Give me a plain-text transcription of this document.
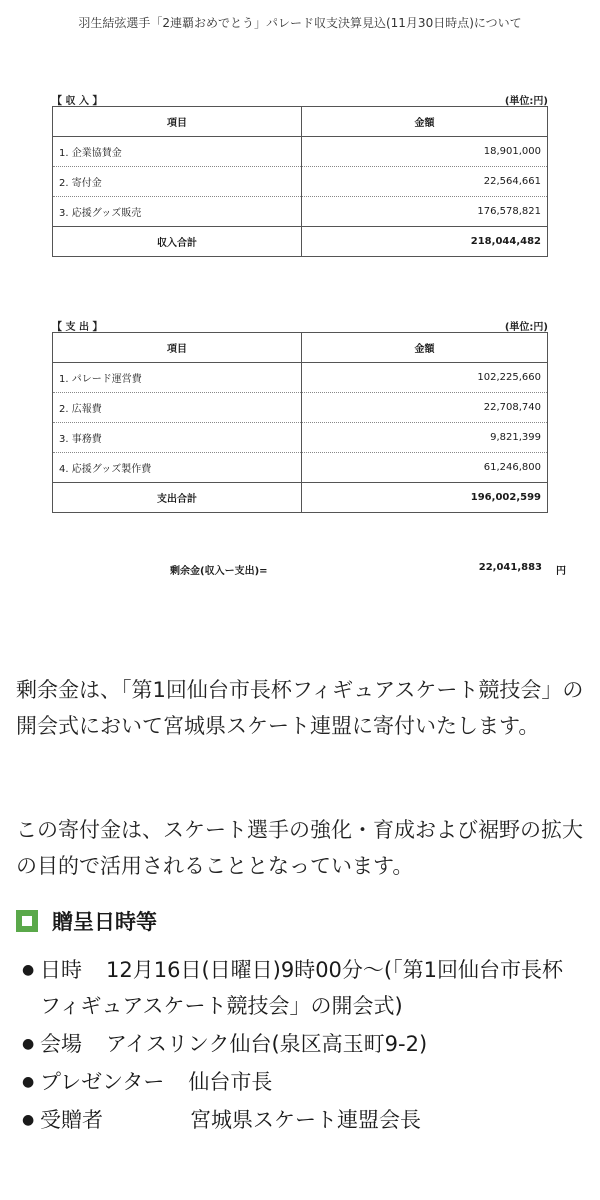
羽生結弦選手「2連覇おめでとう」パレード収支決算見込(11月30日時点)について
【 収 入 】	(単位:円)
項目	金額
1. 企業協賛金	18,901,000
2. 寄付金	22,564,661
3. 応援グッズ販売	176,578,821
収入合計	218,044,482
【 支 出 】	(単位:円)
項目	金額
1. パレード運営費	102,225,660
2. 広報費	22,708,740
3. 事務費	9,821,399
4. 応援グッズ製作費	61,246,800
支出合計	196,002,599
剰余金(収入ー支出)=	22,041,883	円
剰余金は、「第1回仙台市長杯フィギュアスケート競技会」の開会式において宮城県スケート連盟に寄付いたします。
この寄付金は、スケート選手の強化・育成および裾野の拡大の目的で活用されることとなっています。
贈呈日時等
● 日時 12月16日(日曜日)9時00分〜(「第1回仙台市長杯フィギュアスケート競技会」の開会式)
● 会場 アイスリンク仙台(泉区高玉町9-2)
● プレゼンター 仙台市長
● 受贈者	宮城県スケート連盟会長
